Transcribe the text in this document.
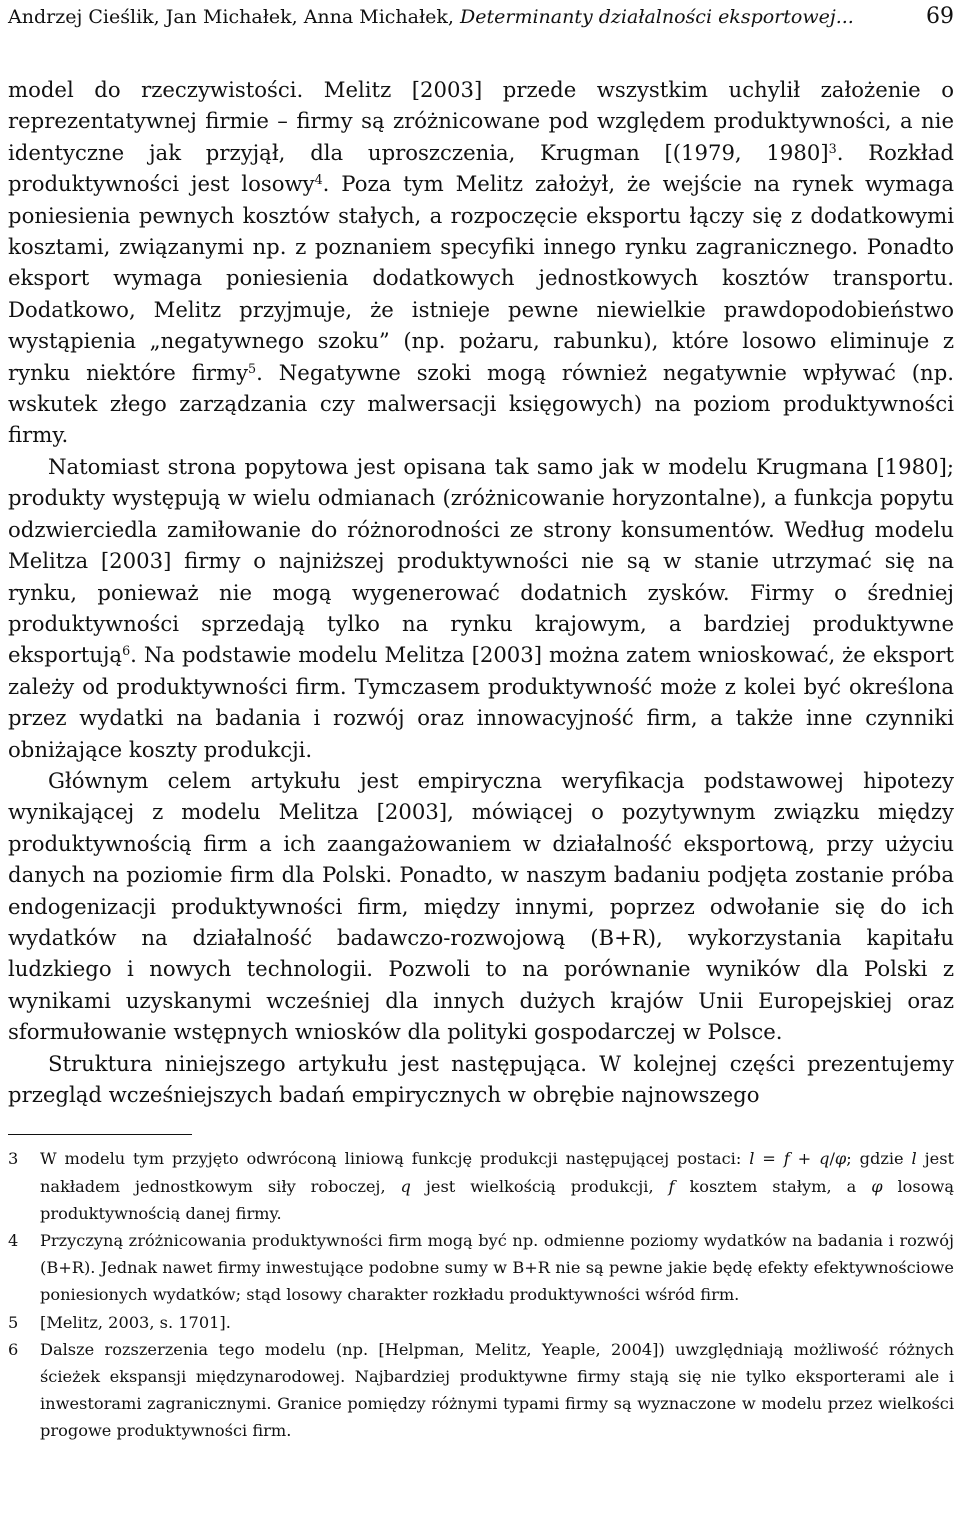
Andrzej Cieślik, Jan Michałek, Anna Michałek, Determinanty działalności eksportowej...	69

model do rzeczywistości. Melitz [2003] przede wszystkim uchylił założenie o reprezentatywnej firmie – firmy są zróżnicowane pod względem produktywności, a nie identyczne jak przyjął, dla uproszczenia, Krugman [(1979, 1980]$^3$. Rozkład produktywności jest losowy$^4$. Poza tym Melitz założył, że wejście na rynek wymaga poniesienia pewnych kosztów stałych, a rozpoczęcie eksportu łączy się z dodatkowymi kosztami, związanymi np. z poznaniem specyfiki innego rynku zagranicznego. Ponadto eksport wymaga poniesienia dodatkowych jednostkowych kosztów transportu. Dodatkowo, Melitz przyjmuje, że istnieje pewne niewielkie prawdopodobieństwo wystąpienia „negatywnego szoku” (np. pożaru, rabunku), które losowo eliminuje z rynku niektóre firmy$^5$. Negatywne szoki mogą również negatywnie wpływać (np. wskutek złego zarządzania czy malwersacji księgowych) na poziom produktywności firmy.

Natomiast strona popytowa jest opisana tak samo jak w modelu Krugmana [1980]; produkty występują w wielu odmianach (zróżnicowanie horyzontalne), a funkcja popytu odzwierciedla zamiłowanie do różnorodności ze strony konsumentów. Według modelu Melitza [2003] firmy o najniższej produktywności nie są w stanie utrzymać się na rynku, ponieważ nie mogą wygenerować dodatnich zysków. Firmy o średniej produktywności sprzedają tylko na rynku krajowym, a bardziej produktywne eksportują$^6$. Na podstawie modelu Melitza [2003] można zatem wnioskować, że eksport zależy od produktywności firm. Tymczasem produktywność może z kolei być określona przez wydatki na badania i rozwój oraz innowacyjność firm, a także inne czynniki obniżające koszty produkcji.

Głównym celem artykułu jest empiryczna weryfikacja podstawowej hipotezy wynikającej z modelu Melitza [2003], mówiącej o pozytywnym związku między produktywnością firm a ich zaangażowaniem w działalność eksportową, przy użyciu danych na poziomie firm dla Polski. Ponadto, w naszym badaniu podjęta zostanie próba endogenizacji produktywności firm, między innymi, poprzez odwołanie się do ich wydatków na działalność badawczo-rozwojową (B+R), wykorzystania kapitału ludzkiego i nowych technologii. Pozwoli to na porównanie wyników dla Polski z wynikami uzyskanymi wcześniej dla innych dużych krajów Unii Europejskiej oraz sformułowanie wstępnych wniosków dla polityki gospodarczej w Polsce.

Struktura niniejszego artykułu jest następująca. W kolejnej części prezentujemy przegląd wcześniejszych badań empirycznych w obrębie najnowszego

3	W modelu tym przyjęto odwróconą liniową funkcję produkcji następującej postaci: l = f + q/φ; gdzie l jest nakładem jednostkowym siły roboczej, q jest wielkością produkcji, f kosztem stałym, a φ losową produktywnością danej firmy.
4	Przyczyną zróżnicowania produktywności firm mogą być np. odmienne poziomy wydatków na badania i rozwój (B+R). Jednak nawet firmy inwestujące podobne sumy w B+R nie są pewne jakie będę efekty efektywnościowe poniesionych wydatków; stąd losowy charakter rozkładu produktywności wśród firm.
5	[Melitz, 2003, s. 1701].
6	Dalsze rozszerzenia tego modelu (np. [Helpman, Melitz, Yeaple, 2004]) uwzględniają możliwość różnych ścieżek ekspansji międzynarodowej. Najbardziej produktywne firmy stają się nie tylko eksporterami ale i inwestorami zagranicznymi. Granice pomiędzy różnymi typami firmy są wyznaczone w modelu przez wielkości progowe produktywności firm.
